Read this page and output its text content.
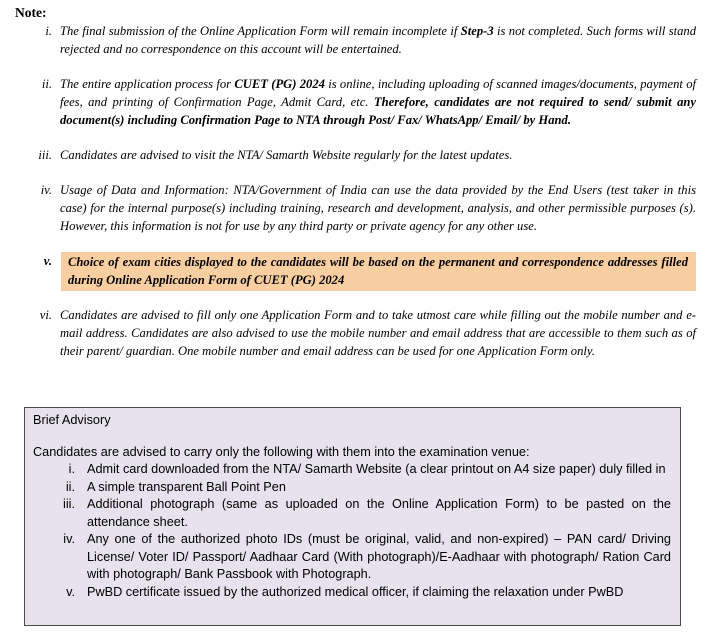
Note:
i. The final submission of the Online Application Form will remain incomplete if Step-3 is not completed. Such forms will stand rejected and no correspondence on this account will be entertained.
ii. The entire application process for CUET (PG) 2024 is online, including uploading of scanned images/documents, payment of fees, and printing of Confirmation Page, Admit Card, etc. Therefore, candidates are not required to send/ submit any document(s) including Confirmation Page to NTA through Post/ Fax/ WhatsApp/ Email/ by Hand.
iii. Candidates are advised to visit the NTA/ Samarth Website regularly for the latest updates.
iv. Usage of Data and Information: NTA/Government of India can use the data provided by the End Users (test taker in this case) for the internal purpose(s) including training, research and development, analysis, and other permissible purposes (s). However, this information is not for use by any third party or private agency for any other use.
v.	Choice of exam cities displayed to the candidates will be based on the permanent and correspondence addresses filled during Online Application Form of CUET (PG) 2024
vi. Candidates are advised to fill only one Application Form and to take utmost care while filling out the mobile number and e-mail address. Candidates are also advised to use the mobile number and email address that are accessible to them such as of their parent/ guardian. One mobile number and email address can be used for one Application Form only.
Brief Advisory
Candidates are advised to carry only the following with them into the examination venue:
i. Admit card downloaded from the NTA/ Samarth Website (a clear printout on A4 size paper) duly filled in
ii. A simple transparent Ball Point Pen
iii. Additional photograph (same as uploaded on the Online Application Form) to be pasted on the attendance sheet.
iv. Any one of the authorized photo IDs (must be original, valid, and non-expired) – PAN card/ Driving License/ Voter ID/ Passport/ Aadhaar Card (With photograph)/E-Aadhaar with photograph/ Ration Card with photograph/ Bank Passbook with Photograph.
v. PwBD certificate issued by the authorized medical officer, if claiming the relaxation under PwBD
